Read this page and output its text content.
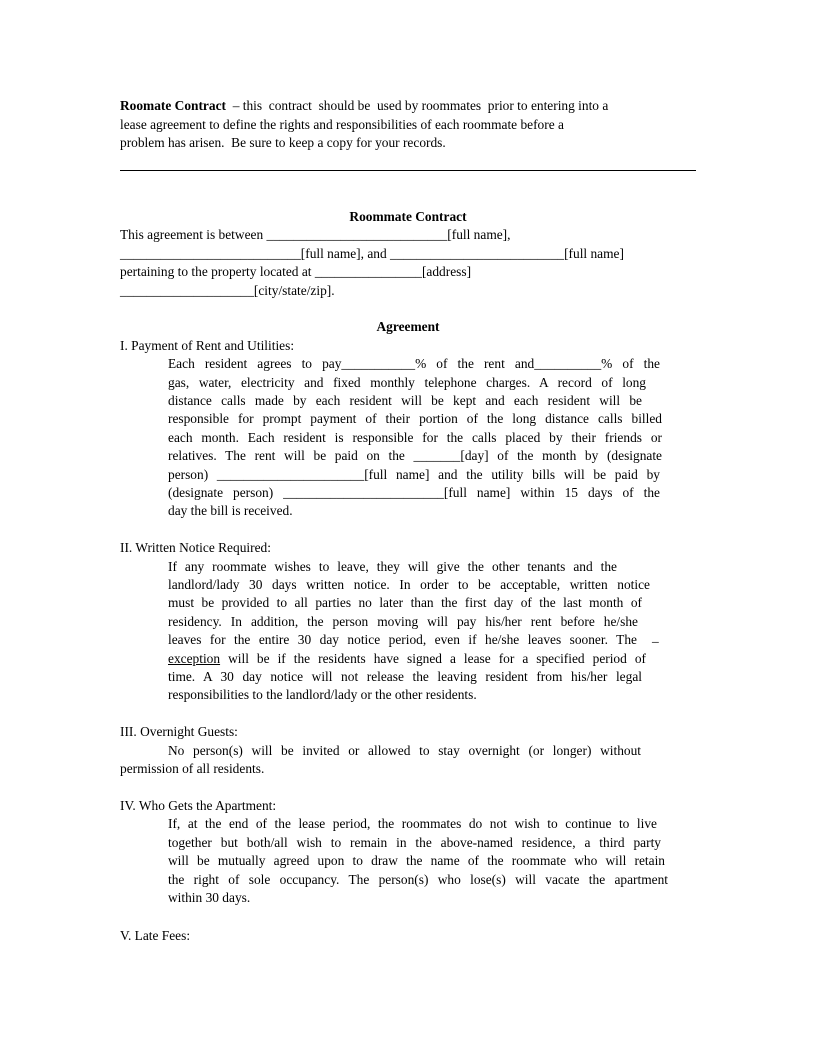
Roomate Contract – this  contract  should be  used by roommates  prior to entering into a
lease agreement to define the rights and responsibilities of each roommate before a
problem has arisen.  Be sure to keep a copy for your records.
Roommate Contract
This agreement is between ___________________________[full name],
___________________________[full name], and __________________________[full name]
pertaining to the property located at ________________[address]
____________________[city/state/zip].
Agreement
I. Payment of Rent and Utilities:
Each resident agrees to pay___________% of the rent and__________% of the
gas, water, electricity and fixed monthly telephone charges. A record of long
distance calls made by each resident will be kept and each resident will be
responsible for prompt payment of their portion of the long distance calls billed
each month. Each resident is responsible for the calls placed by their friends or
relatives. The rent will be paid on the _______[day] of the month by (designate
person) ______________________[full name] and the utility bills will be paid by
(designate person) ________________________[full name] within 15 days of the
day the bill is received.
II. Written Notice Required:
If any roommate wishes to leave, they will give the other tenants and the
landlord/lady 30 days written notice. In order to be acceptable, written notice
must be provided to all parties no later than the first day of the last month of
residency. In addition, the person moving will pay his/her rent before he/she
leaves for the entire 30 day notice period, even if he/she leaves sooner. The _
exception will be if the residents have signed a lease for a specified period of
time. A 30 day notice will not release the leaving resident from his/her legal
responsibilities to the landlord/lady or the other residents.
III. Overnight Guests:
No person(s) will be invited or allowed to stay overnight (or longer) without
permission of all residents.
IV. Who Gets the Apartment:
If, at the end of the lease period, the roommates do not wish to continue to live
together but both/all wish to remain in the above-named residence, a third party
will be mutually agreed upon to draw the name of the roommate who will retain
the right of sole occupancy. The person(s) who lose(s) will vacate the apartment
within 30 days.
V. Late Fees:
